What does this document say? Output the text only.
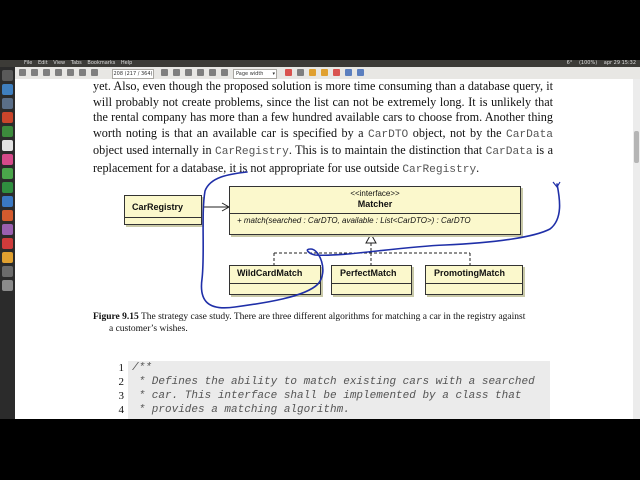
File Edit View Tabs Bookmarks Help	6° (100%) apr 29 15:32
208 (217 / 364)	Page width ▾

yet. Also, even though the proposed solution is more time consuming than a database query, it will probably not create problems, since the list can not be extremely long. It is unlikely that the rental company has more than a few hundred available cars to choose from. Another thing worth noting is that an available car is specified by a CarDTO object, not by the CarData object used internally in CarRegistry. This is to maintain the distinction that CarData is a replacement for a database, it is not appropriate for use outside CarRegistry.

CarRegistry
<<interface>>
Matcher
+ match(searched : CarDTO, available : List<CarDTO>) : CarDTO
WildCardMatch	PerfectMatch	PromotingMatch
Figure 9.15 The strategy case study. There are three different algorithms for matching a car in the registry against
a customer’s wishes.
1
2
3
4
/**
* Defines the ability to match existing cars with a searched
* car. This interface shall be implemented by a class that
* provides a matching algorithm.
